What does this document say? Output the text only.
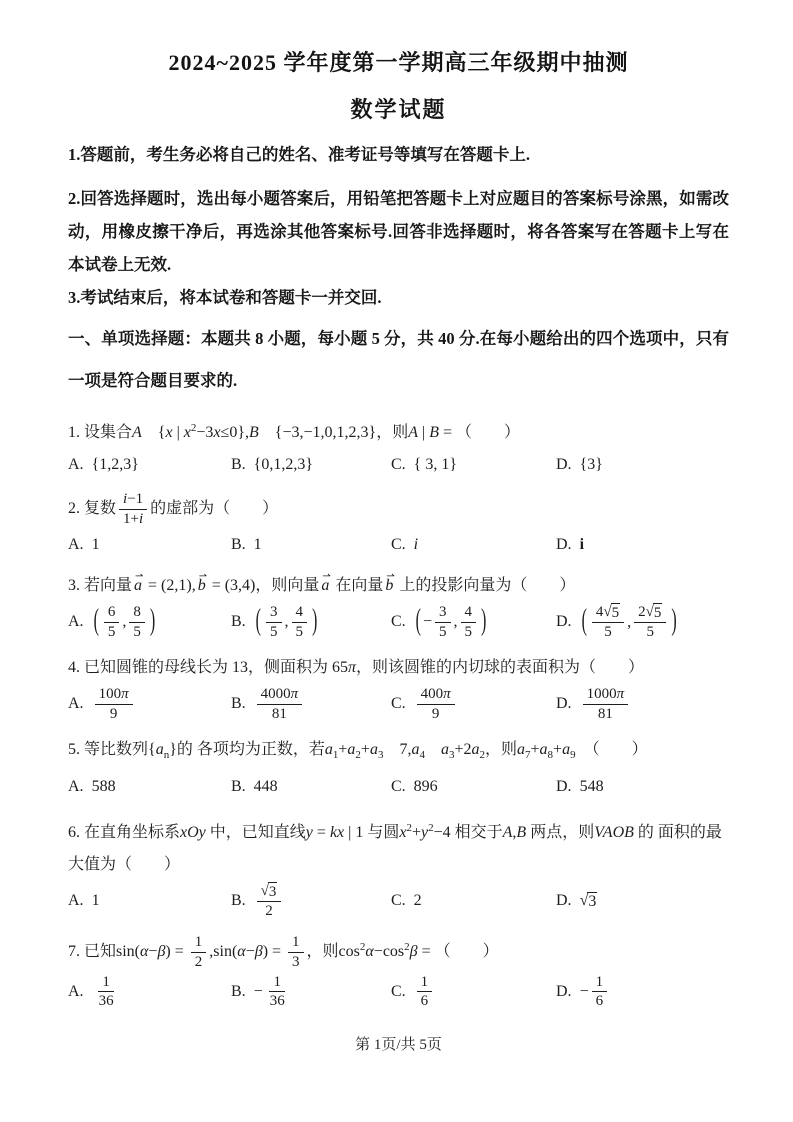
2024~2025 学年度第一学期高三年级期中抽测
数学试题

1.答题前，考生务必将自己的姓名、准考证号等填写在答题卡上.

2.回答选择题时，选出每小题答案后，用铅笔把答题卡上对应题目的答案标号涂黑，如需改动，用橡皮擦干净后，再选涂其他答案标号.回答非选择题时，将各答案写在答题卡上写在本试卷上无效.

3.考试结束后，将本试卷和答题卡一并交回.

一、单项选择题：本题共 8 小题，每小题 5 分，共 40 分.在每小题给出的四个选项中，只有一项是符合题目要求的.

1. 设集合A　{x | $x^2-3x\le 0\},B$　{−3,−1,0,1,2,3}，则A | B = （　　）
A. {1,2,3}	B. {0,1,2,3}	C. { 3, 1}	D. {3}
2. 复数 $\frac{i-1}{1+i}$ 的虚部为（　　）
A. 1	B. 1	C. i	D. i
3. 若向量 a ⇀ = (2,1), b ⇀ = (3,4)，则向量 a ⇀ 在向量 b ⇀ 上的投影向量为（　　）
A. ( $\frac{6}{5}$ , $\frac{8}{5}$ )	B. ( $\frac{3}{5}$ , $\frac{4}{5}$ )	C. ( − $\frac{3}{5}$ , $\frac{4}{5}$ )	D. ( $\frac{4 √ 5}{5}$ , $\frac{2 √ 5}{5}$ )
4. 已知圆锥的母线长为 13，侧面积为 65π，则该圆锥的内切球的表面积为（　　）
A. $\frac{100\pi}{9}$	B. $\frac{4000\pi}{81}$	C. $\frac{400\pi}{9}$	D. $\frac{1000\pi}{81}$
5. 等比数列$\{a_n\}$的 各项均为正数，若$a_1+a_2+a_3$　$7,a_4$　 $a_3+2a_2$，则$a_7+a_8+a_9$　（　　）
A. 588	B. 448	C. 896	D. 548
6. 在直角坐标系xOy 中，已知直线y = kx | 1 与圆$x^2+y^2-4$ 相交于A,B 两点，则VAOB 的 面积的最大值为（　　）
A. 1	B. $\frac{√ 3}{2}$	C. 2	D. √ 3
7. 已知$\sin(\alpha-\beta) = \frac{1}{2} ,\sin(\alpha-\beta) = \frac{1}{3}$ ，则$\cos^2\alpha-\cos^2\beta$ = （　　）
A. $\frac{1}{36}$	B. − $\frac{1}{36}$	C. $\frac{1}{6}$	D. − $\frac{1}{6}$
第 1页/共 5页
